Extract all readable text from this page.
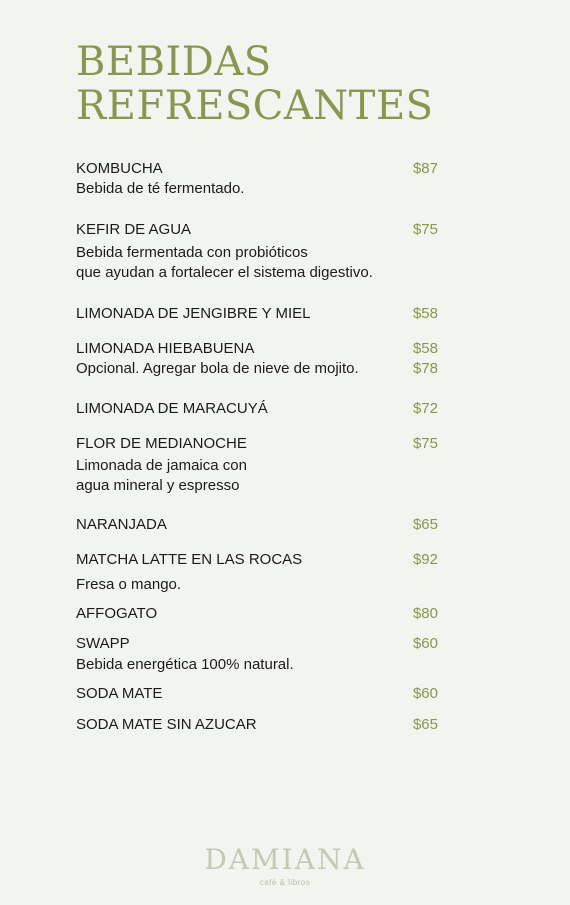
BEBIDAS
REFRESCANTES
KOMBUCHA	$87
Bebida de té fermentado.
KEFIR DE AGUA	$75
Bebida fermentada con probióticos
que ayudan a fortalecer el sistema digestivo.
LIMONADA DE JENGIBRE Y MIEL	$58
LIMONADA HIEBABUENA	$58
Opcional. Agregar bola de nieve de mojito.	$78
LIMONADA DE MARACUYÁ	$72
FLOR DE MEDIANOCHE	$75
Limonada de jamaica con
agua mineral y espresso
NARANJADA	$65
MATCHA LATTE EN LAS ROCAS	$92
Fresa o mango.
AFFOGATO	$80
SWAPP	$60
Bebida energética 100% natural.
SODA MATE	$60
SODA MATE SIN AZUCAR	$65
DAMIANA
café & libros
